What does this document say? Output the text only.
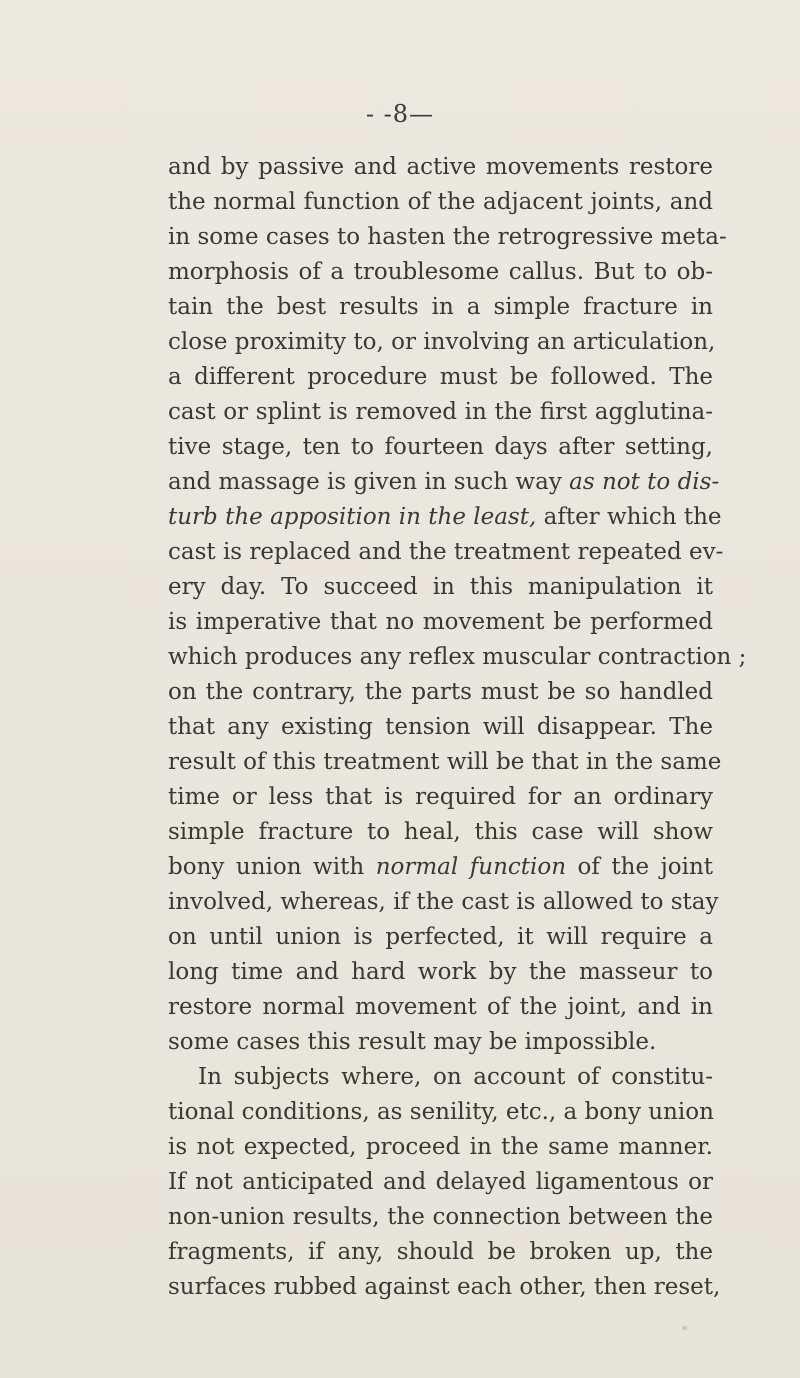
- -8—
and by passive and active movements restore
the normal function of the adjacent joints, and
in some cases to hasten the retrogressive meta-
morphosis of a troublesome callus. But to ob-
tain the best results in a simple fracture in
close proximity to, or involving an articulation,
a different procedure must be followed. The
cast or splint is removed in the first agglutina-
tive stage, ten to fourteen days after setting,
and massage is given in such way as not to dis-
turb the apposition in the least, after which the
cast is replaced and the treatment repeated ev-
ery day. To succeed in this manipulation it
is imperative that no movement be performed
which produces any reflex muscular contraction ;
on the contrary, the parts must be so handled
that any existing tension will disappear. The
result of this treatment will be that in the same
time or less that is required for an ordinary
simple fracture to heal, this case will show
bony union with normal function of the joint
involved, whereas, if the cast is allowed to stay
on until union is perfected, it will require a
long time and hard work by the masseur to
restore normal movement of the joint, and in
some cases this result may be impossible.
In subjects where, on account of constitu-
tional conditions, as senility, etc., a bony union
is not expected, proceed in the same manner.
If not anticipated and delayed ligamentous or
non-union results, the connection between the
fragments, if any, should be broken up, the
surfaces rubbed against each other, then reset,
